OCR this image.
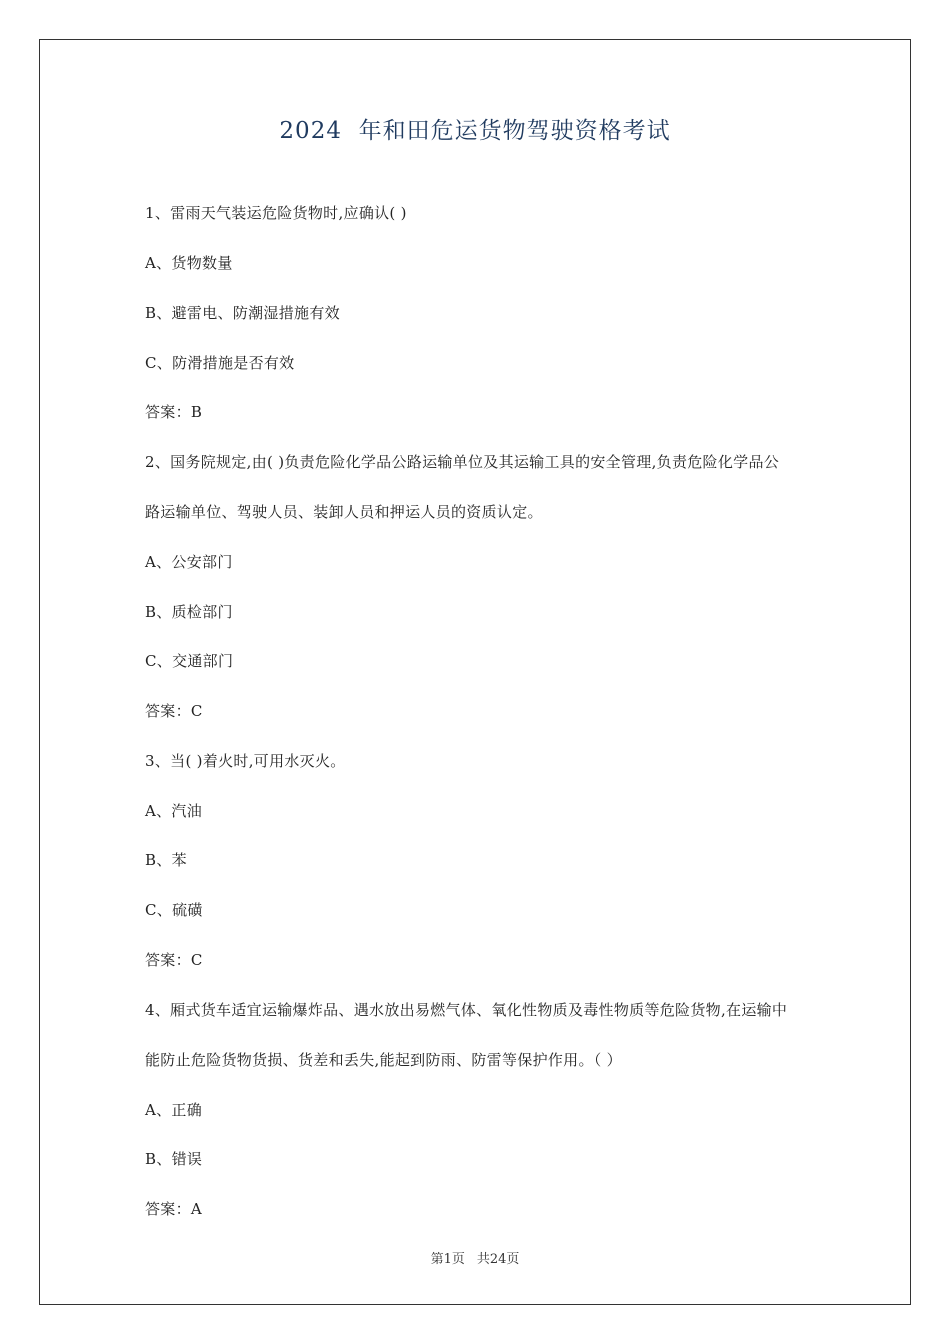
2024  年和田危运货物驾驶资格考试
1、雷雨天气装运危险货物时,应确认( )
A、货物数量
B、避雷电、防潮湿措施有效
C、防滑措施是否有效
答案：B
2、国务院规定,由( )负责危险化学品公路运输单位及其运输工具的安全管理,负责危险化学品公
路运输单位、驾驶人员、装卸人员和押运人员的资质认定。
A、公安部门
B、质检部门
C、交通部门
答案：C
3、当( )着火时,可用水灭火。
A、汽油
B、苯
C、硫磺
答案：C
4、厢式货车适宜运输爆炸品、遇水放出易燃气体、氧化性物质及毒性物质等危险货物,在运输中
能防止危险货物货损、货差和丢失,能起到防雨、防雷等保护作用。（ ）
A、正确
B、错误
答案：A
第1页 共24页
